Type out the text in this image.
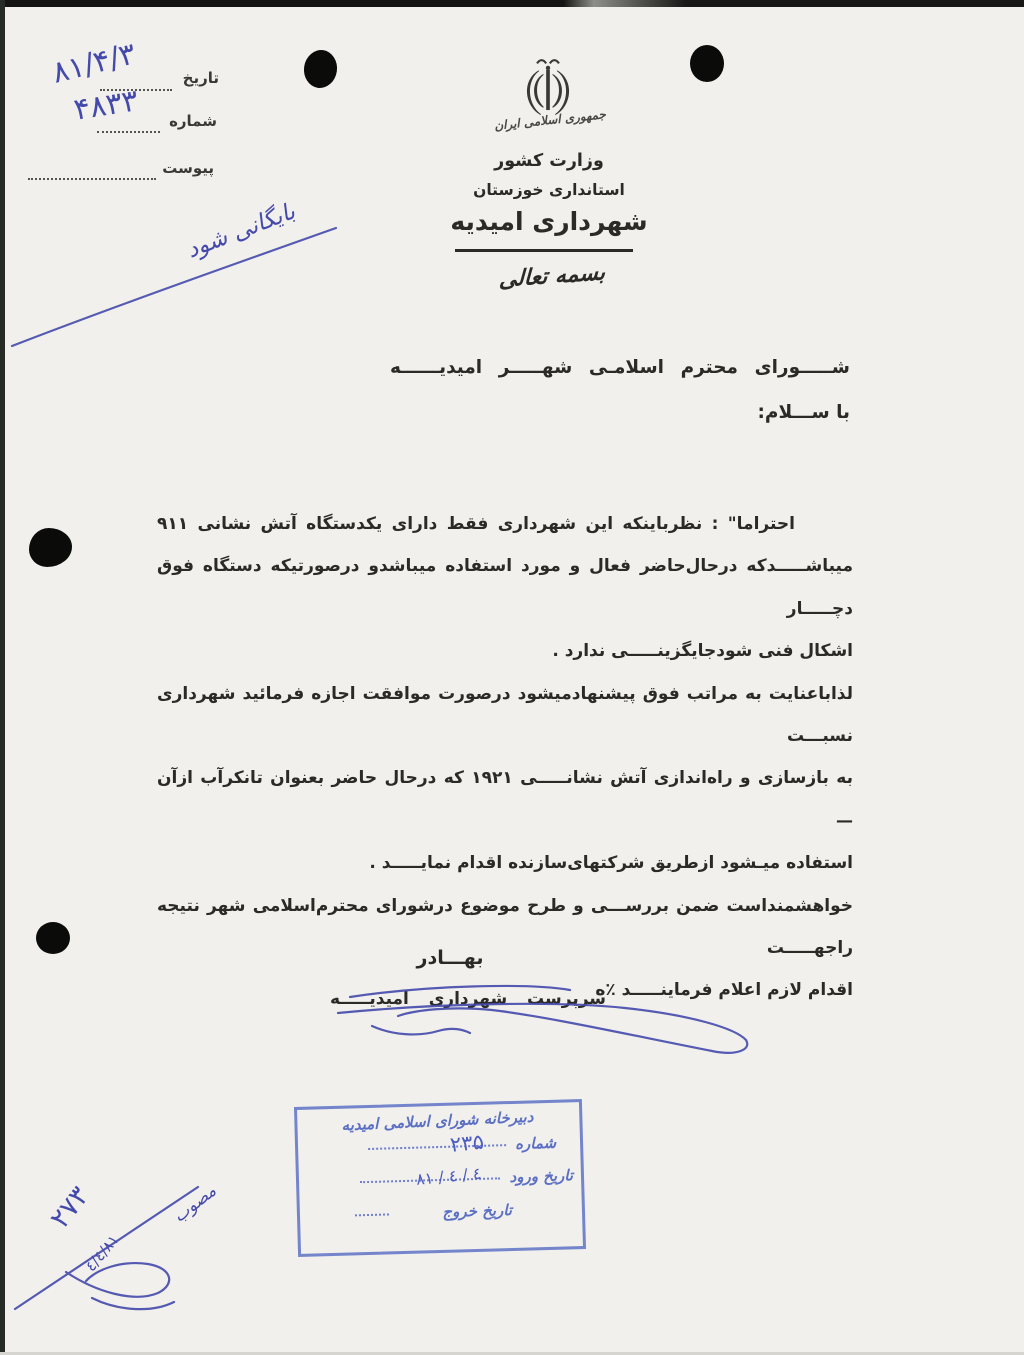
تاریخ
۸۱/۴/۳
شماره
۴۸۳۳
پیوست
جمهوری اسلامی ایران
وزارت کشور
استانداری خوزستان
شهرداری امیدیه
بسمه تعالی
بایگانی شود
شـــــورای محترم اسلامـی شهـــــر امیدیــــــه
با ســـلام:
احتراما" : نظرباینکه این شهرداری فقط دارای یکدستگاه آتش نشانی ۹۱۱
میباشـــــدکه درحال‌حاضر فعال و مورد استفاده میباشدو درصورتیکه دستگاه فوق دچـــــار
اشکال فنی شودجایگزینـــــی ندارد .
لذاباعنایت به مراتب فوق پیشنهادمیشود درصورت موافقت اجازه فرمائید شهرداری نسبـــت
به بازسازی و راه‌اندازی آتش نشانـــــی ۱۹۲۱ که درحال حاضر بعنوان تانکرآب ازآن —
استفاده میـشود ازطریق شرکتهای‌سازنده اقدام نمایـــــد .
خواهشمنداست ضمن بررســـی و طرح موضوع درشورای محترم‌اسلامی شهر نتیجه راجهـــــت
اقدام لازم اعلام فرماینـــــد ٪ه
بهـــادر
سرپرست شهرداری امیدیـــــه
دبیرخانه شورای اسلامی امیدیه
شماره
۲۳۵
تاریخ ورود
٤ / ٤ / ۸۱
تاریخ خروج
۲۷۳	مصوب
۸۱/٤/٤
